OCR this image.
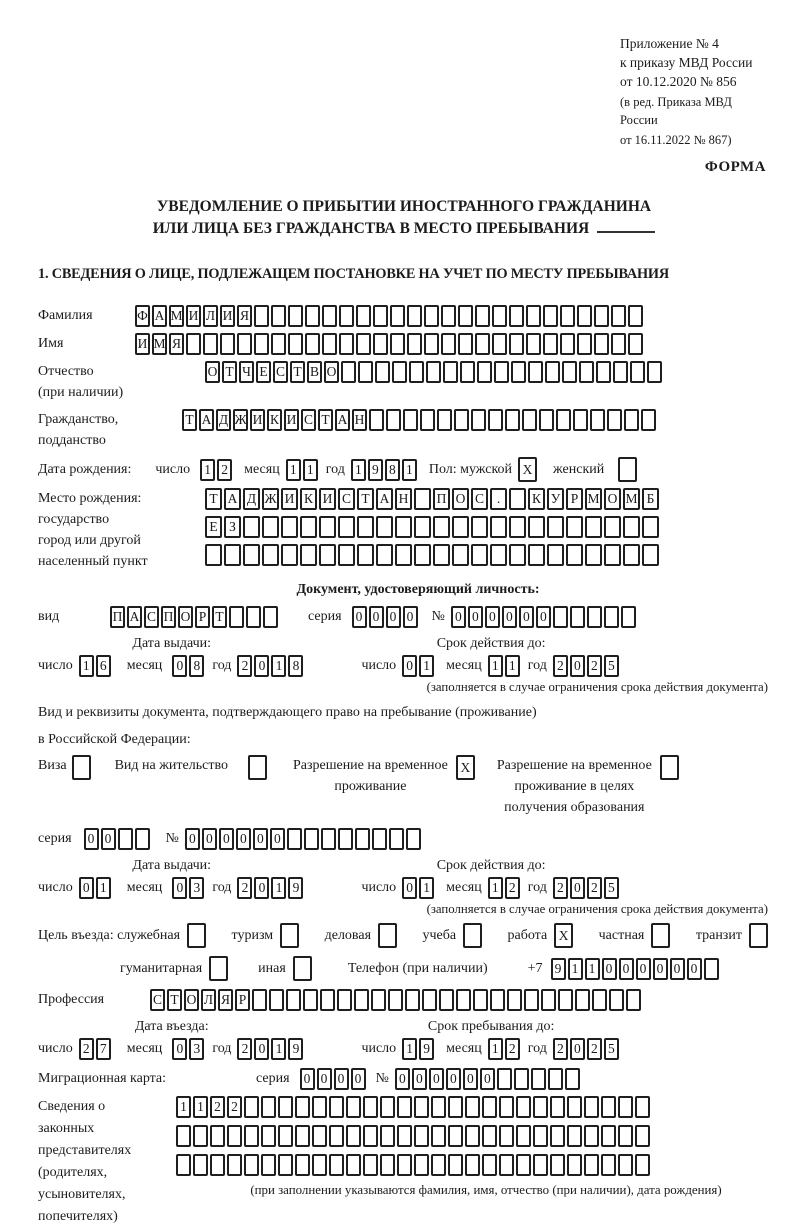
Приложение № 4
к приказу МВД России
от 10.12.2020 № 856
(в ред. Приказа МВД России
от 16.11.2022 № 867)
ФОРМА
УВЕДОМЛЕНИЕ О ПРИБЫТИИ ИНОСТРАННОГО ГРАЖДАНИНА
ИЛИ ЛИЦА БЕЗ ГРАЖДАНСТВА В МЕСТО ПРЕБЫВАНИЯ
1. СВЕДЕНИЯ О ЛИЦЕ, ПОДЛЕЖАЩЕМ ПОСТАНОВКЕ НА УЧЕТ ПО МЕСТУ ПРЕБЫВАНИЯ
Фамилия	Ф А М И Л И Я

Имя	И М Я

Отчество
(при наличии)
О Т Ч Е С Т В О

Гражданство,
подданство
Т А Д Ж И К И С Т А Н

Дата рождения: число	1 2 месяц 1 1 год 1 9 8 1 Пол: мужской X	женский

Место рождения:
государство
город или другой
населенный пункт
Т А Д Ж И К И С Т А Н
П О С .
	К У Р М О М Б
Е З

Документ, удостоверяющий личность:
вид	П А С П О Р Т

	серия	0 0 0 0 № 0 0 0 0 0 0

Дата выдачи:
число 1 6 месяц	0 8 год 2 0 1 8
Срок действия до:
число 0 1 месяц 1 1 год 2 0 2 5
(заполняется в случае ограничения срока действия документа)
Вид и реквизиты документа, подтверждающего право на пребывание (проживание)
в Российской Федерации:
Виза
	Вид на жительство
	Разрешение на временное
проживание
X	Разрешение на временное
проживание в целях
получения образования

серия	0 0

	№ 0 0 0 0 0 0

Дата выдачи:
число 0 1 месяц	0 3 год 2 0 1 9
Срок действия до:
число 0 1 месяц 1 2 год 2 0 2 5
(заполняется в случае ограничения срока действия документа)
Цель въезда: служебная
	туризм
	деловая
	учеба
	работа X	частная
	транзит

гуманитарная
	иная
	Телефон (при наличии)	+7 9 1 1 0 0 0 0 0 0

Профессия	С Т О Л Я Р

Дата въезда:
число 2 7 месяц	0 3 год 2 0 1 9
Срок пребывания до:
число 1 9 месяц 1 2 год 2 0 2 5
Миграционная карта:	серия	0 0 0 0 № 0 0 0 0 0 0

Сведения о
законных
представителях
(родителях,
усыновителях,
попечителях)
1 1 2 2

(при заполнении указываются фамилия, имя, отчество (при наличии), дата рождения)
